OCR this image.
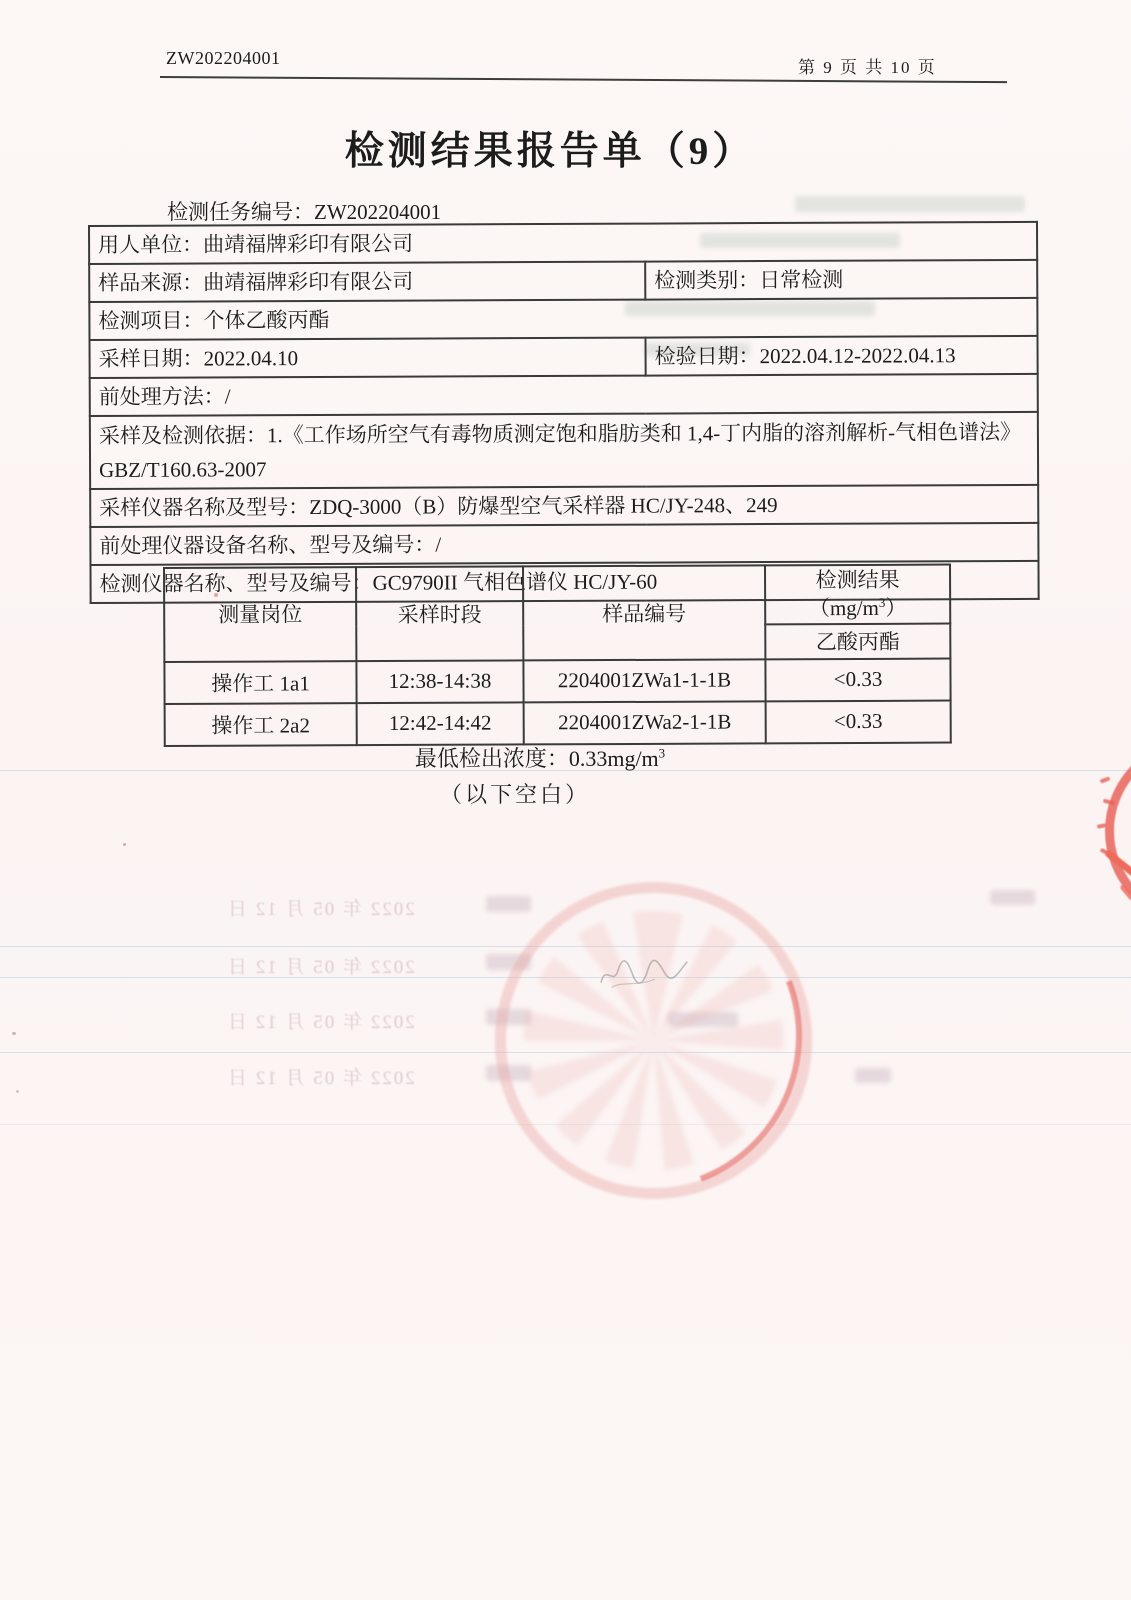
2022 年 05 月 12 日
2022 年 05 月 12 日
2022 年 05 月 12 日
2022 年 05 月 12 日
ZW202204001	第 9 页 共 10 页
检测结果报告单（9）
检测任务编号：ZW202204001
用人单位：曲靖福牌彩印有限公司	
样品来源：曲靖福牌彩印有限公司	检测类别：日常检测
检测项目：个体乙酸丙酯	
采样日期：2022.04.10	检验日期：2022.04.12-2022.04.13
前处理方法：/	
采样及检测依据：1.《工作场所空气有毒物质测定饱和脂肪类和 1,4-丁内脂的溶剂解析-气相色谱法》GBZ/T160.63-2007	
采样仪器名称及型号：ZDQ-3000（B）防爆型空气采样器 HC/JY-248、249	
前处理仪器设备名称、型号及编号：/	
检测仪器名称、型号及编号：GC9790II 气相色谱仪 HC/JY-60	
测量岗位	采样时段	样品编号	检测结果
$(mg/m^3)$
			乙酸丙酯
操作工 1a1	12:38-14:38	2204001ZWa1-1-1B	<0.33
操作工 2a2	12:42-14:42	2204001ZWa2-1-1B	<0.33
最低检出浓度：$0.33mg/m^3$
（以下空白）
